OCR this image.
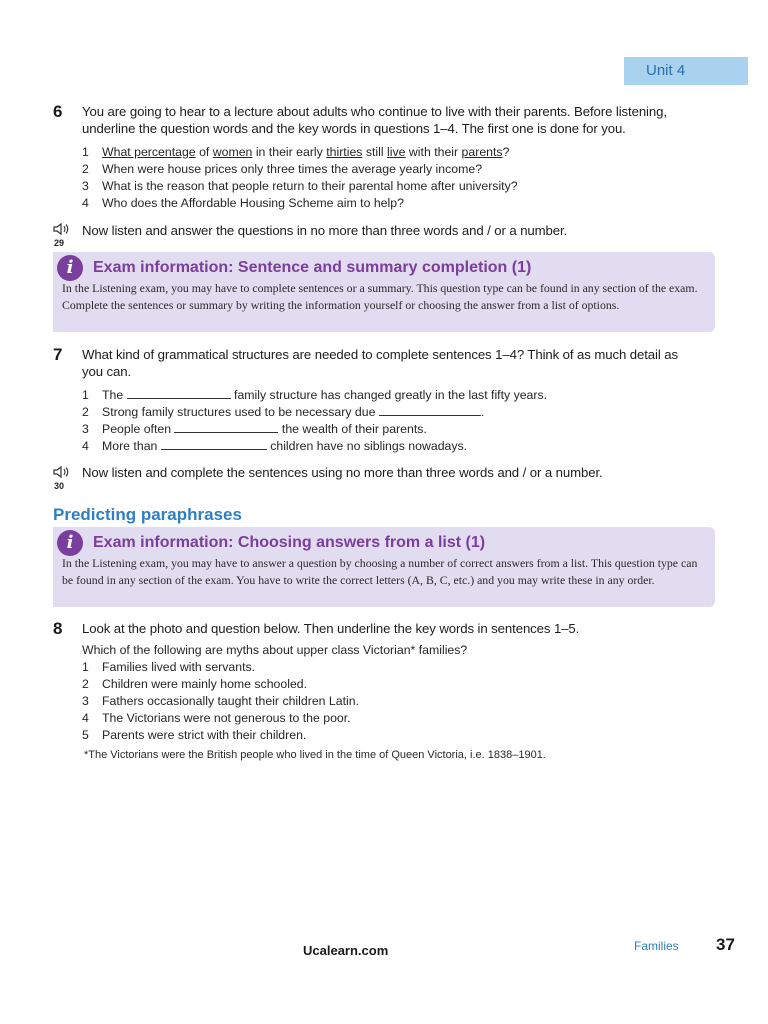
Unit 4
6 You are going to hear to a lecture about adults who continue to live with their parents. Before listening, underline the question words and the key words in questions 1–4. The first one is done for you.
1 What percentage of women in their early thirties still live with their parents?
2 When were house prices only three times the average yearly income?
3 What is the reason that people return to their parental home after university?
4 Who does the Affordable Housing Scheme aim to help?
29
Now listen and answer the questions in no more than three words and / or a number.
i	Exam information: Sentence and summary completion (1)
In the Listening exam, you may have to complete sentences or a summary. This question type can be found in any section of the exam. Complete the sentences or summary by writing the information yourself or choosing the answer from a list of options.
7 What kind of grammatical structures are needed to complete sentences 1–4? Think of as much detail as you can.
1 The	family structure has changed greatly in the last fifty years.
2 Strong family structures used to be necessary due	.
3 People often	the wealth of their parents.
4 More than	children have no siblings nowadays.
30
Now listen and complete the sentences using no more than three words and / or a number.
Predicting paraphrases
i	Exam information: Choosing answers from a list (1)
In the Listening exam, you may have to answer a question by choosing a number of correct answers from a list. This question type can be found in any section of the exam. You have to write the correct letters (A, B, C, etc.) and you may write these in any order.
8 Look at the photo and question below. Then underline the key words in sentences 1–5.
Which of the following are myths about upper class Victorian* families?
1 Families lived with servants.
2 Children were mainly home schooled.
3 Fathers occasionally taught their children Latin.
4 The Victorians were not generous to the poor.
5 Parents were strict with their children.
*The Victorians were the British people who lived in the time of Queen Victoria, i.e. 1838–1901.
Ucalearn.com	Families 37
